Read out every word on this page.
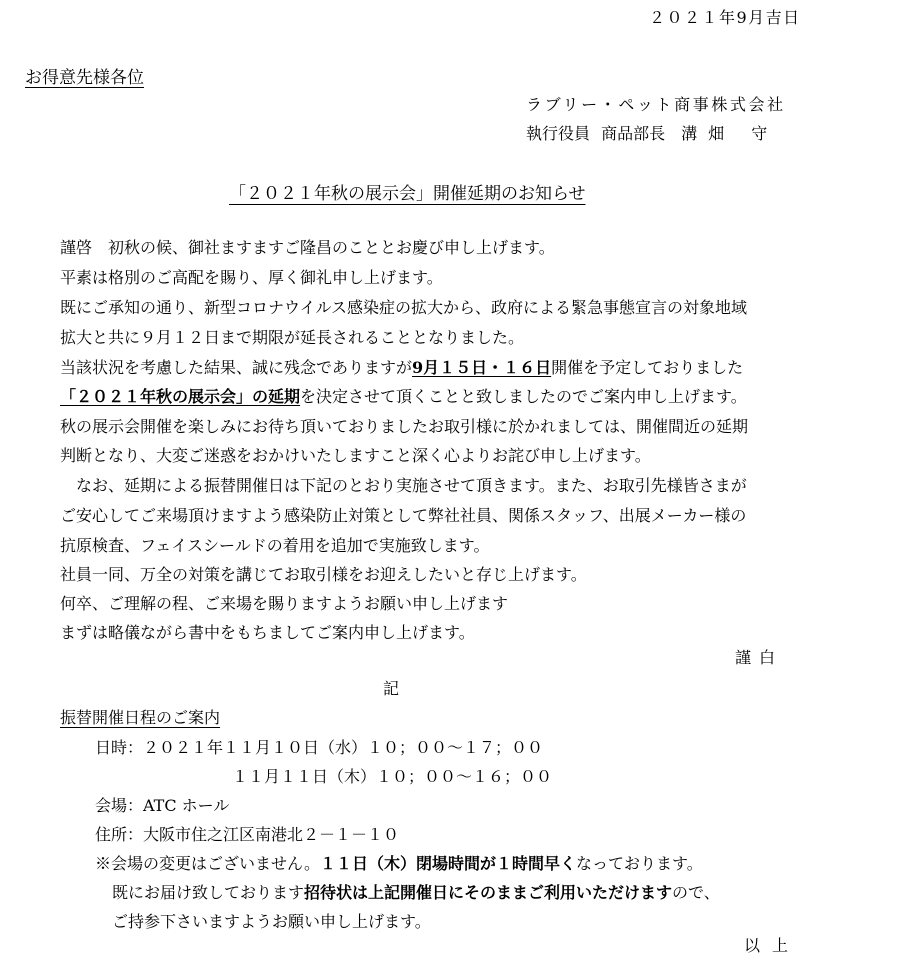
２０２１年9月吉日
お得意先様各位
ラブリー・ペット商事株式会社
執行役員 商品部長　溝 畑　 守
「２０２１年秋の展示会」開催延期のお知らせ
謹啓　初秋の候、御社ますますご隆昌のこととお慶び申し上げます。
平素は格別のご高配を賜り、厚く御礼申し上げます。
既にご承知の通り、新型コロナウイルス感染症の拡大から、政府による緊急事態宣言の対象地域
拡大と共に９月１２日まで期限が延長されることとなりました。
当該状況を考慮した結果、誠に残念でありますが9月１５日・１６日開催を予定しておりました
「２０２１年秋の展示会」の延期を決定させて頂くことと致しましたのでご案内申し上げます。
秋の展示会開催を楽しみにお待ち頂いておりましたお取引様に於かれましては、開催間近の延期
判断となり、大変ご迷惑をおかけいたしますこと深く心よりお詫び申し上げます。
　なお、延期による振替開催日は下記のとおり実施させて頂きます。また、お取引先様皆さまが
ご安心してご来場頂けますよう感染防止対策として弊社社員、関係スタッフ、出展メーカー様の
抗原検査、フェイスシールドの着用を追加で実施致します。
社員一同、万全の対策を講じてお取引様をお迎えしたいと存じ上げます。
何卒、ご理解の程、ご来場を賜りますようお願い申し上げます
まずは略儀ながら書中をもちましてご案内申し上げます。
謹白
記
振替開催日程のご案内
日時：２０２１年１１月１０日（水）１０；００〜１７；００
１１月１１日（木）１０；００〜１６；００
会場：ATC ホール
住所：大阪市住之江区南港北２－１－１０
※会場の変更はございません。１１日（木）閉場時間が１時間早くなっております。
既にお届け致しております招待状は上記開催日にそのままご利用いただけますので、
ご持参下さいますようお願い申し上げます。
以上
